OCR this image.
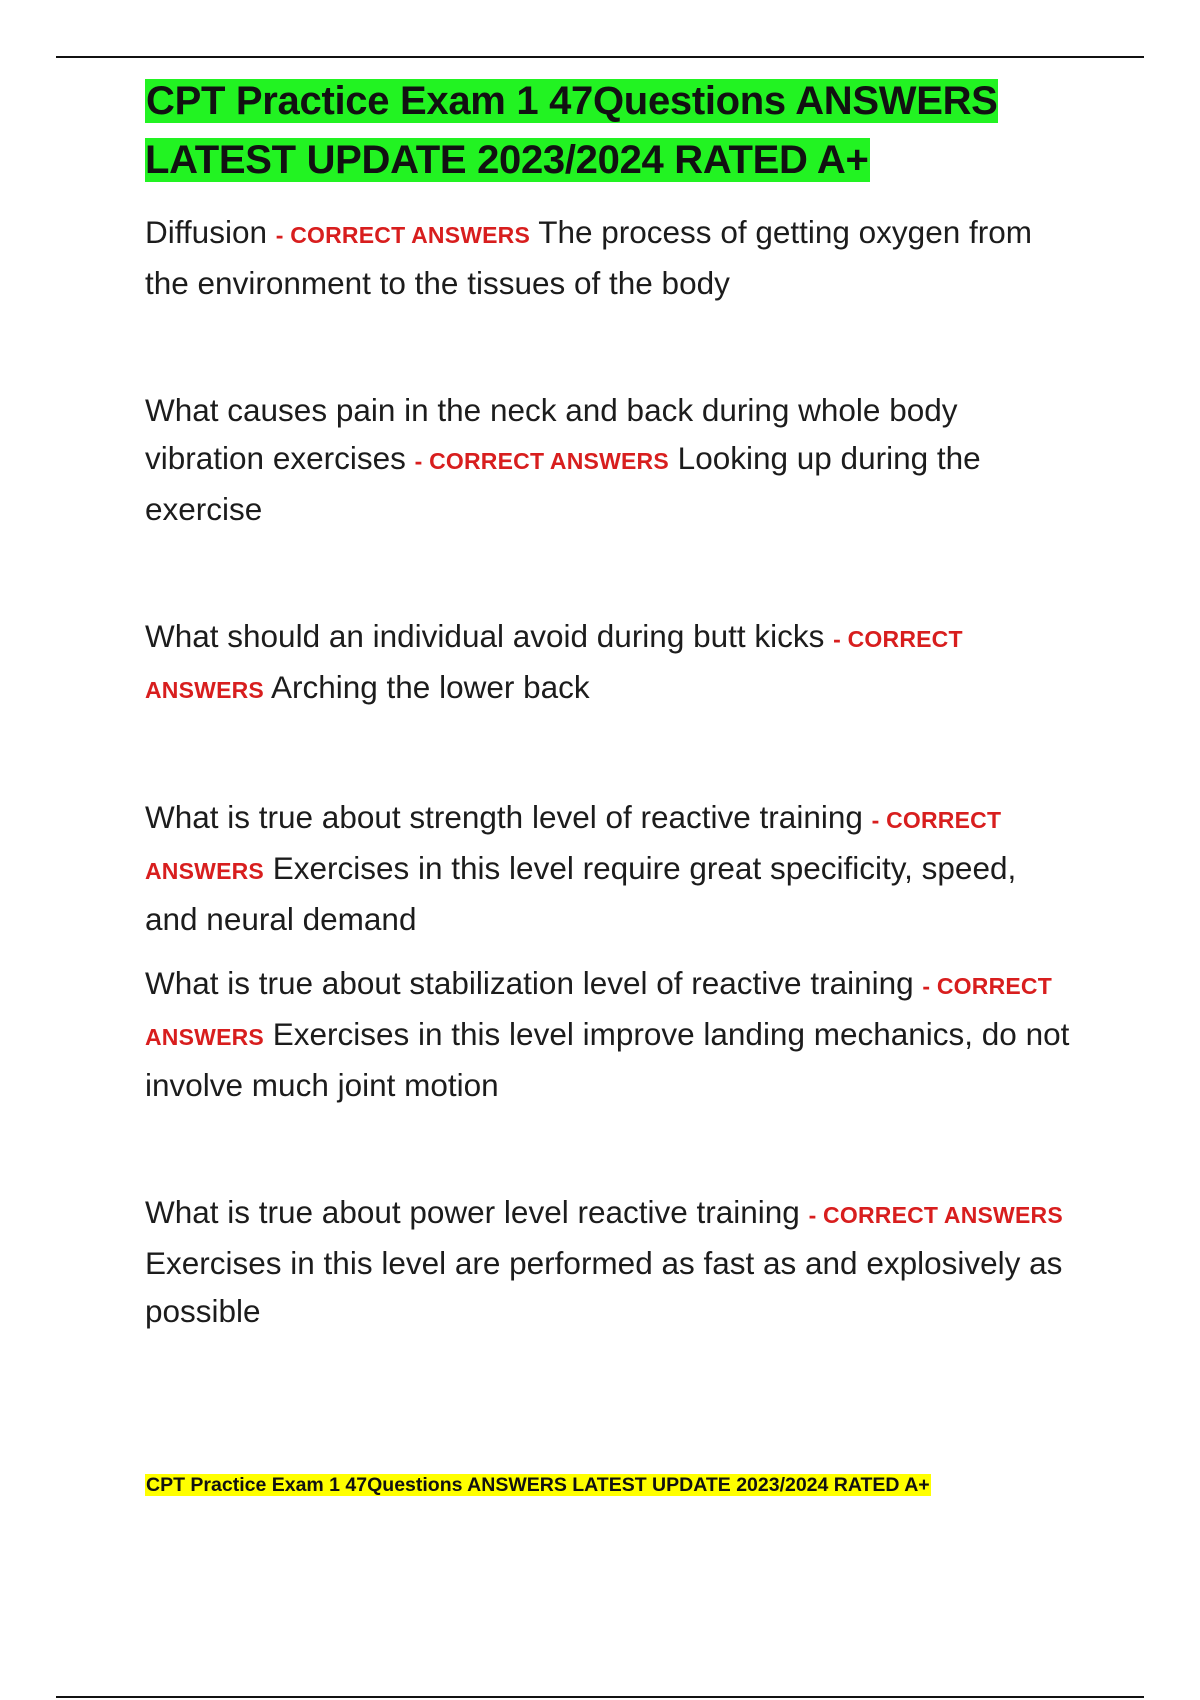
CPT Practice Exam 1 47Questions ANSWERS LATEST UPDATE 2023/2024 RATED A+

Diffusion - CORRECT ANSWERS The process of getting oxygen from the environment to the tissues of the body

What causes pain in the neck and back during whole body vibration exercises - CORRECT ANSWERS Looking up during the exercise

What should an individual avoid during butt kicks - CORRECT ANSWERS Arching the lower back

What is true about strength level of reactive training - CORRECT ANSWERS Exercises in this level require great specificity, speed, and neural demand

What is true about stabilization level of reactive training - CORRECT ANSWERS Exercises in this level improve landing mechanics, do not involve much joint motion

What is true about power level reactive training - CORRECT ANSWERS Exercises in this level are performed as fast as and explosively as possible

CPT Practice Exam 1 47Questions ANSWERS LATEST UPDATE 2023/2024 RATED A+
